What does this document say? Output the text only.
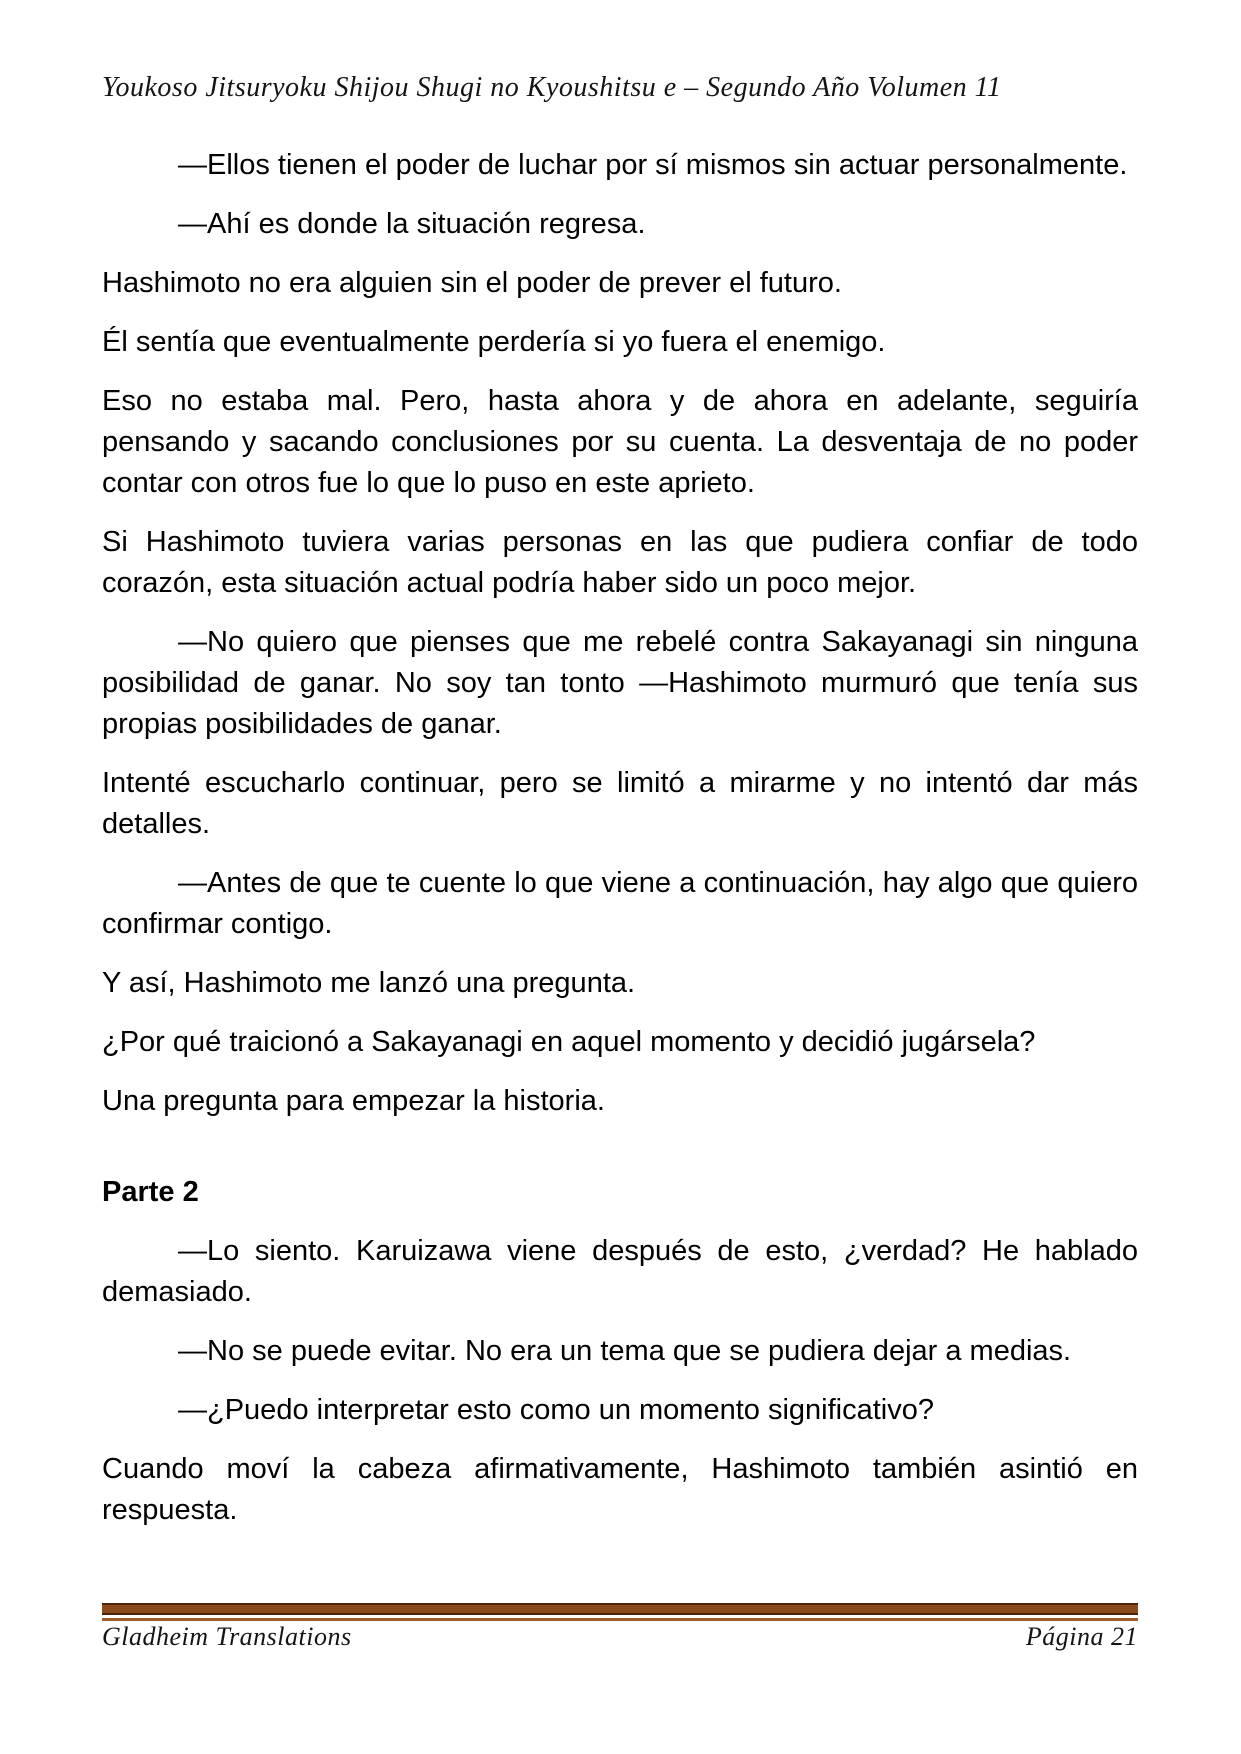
Youkoso Jitsuryoku Shijou Shugi no Kyoushitsu e – Segundo Año Volumen 11

—Ellos tienen el poder de luchar por sí mismos sin actuar personalmente.

—Ahí es donde la situación regresa.

Hashimoto no era alguien sin el poder de prever el futuro.

Él sentía que eventualmente perdería si yo fuera el enemigo.

Eso no estaba mal. Pero, hasta ahora y de ahora en adelante, seguiría pensando y sacando conclusiones por su cuenta. La desventaja de no poder contar con otros fue lo que lo puso en este aprieto.

Si Hashimoto tuviera varias personas en las que pudiera confiar de todo corazón, esta situación actual podría haber sido un poco mejor.

—No quiero que pienses que me rebelé contra Sakayanagi sin ninguna posibilidad de ganar. No soy tan tonto —Hashimoto murmuró que tenía sus propias posibilidades de ganar.

Intenté escucharlo continuar, pero se limitó a mirarme y no intentó dar más detalles.

—Antes de que te cuente lo que viene a continuación, hay algo que quiero confirmar contigo.

Y así, Hashimoto me lanzó una pregunta.

¿Por qué traicionó a Sakayanagi en aquel momento y decidió jugársela?

Una pregunta para empezar la historia.

Parte 2

—Lo siento. Karuizawa viene después de esto, ¿verdad? He hablado demasiado.

—No se puede evitar. No era un tema que se pudiera dejar a medias.

—¿Puedo interpretar esto como un momento significativo?

Cuando moví la cabeza afirmativamente, Hashimoto también asintió en respuesta.

Gladheim Translations	Página 21
